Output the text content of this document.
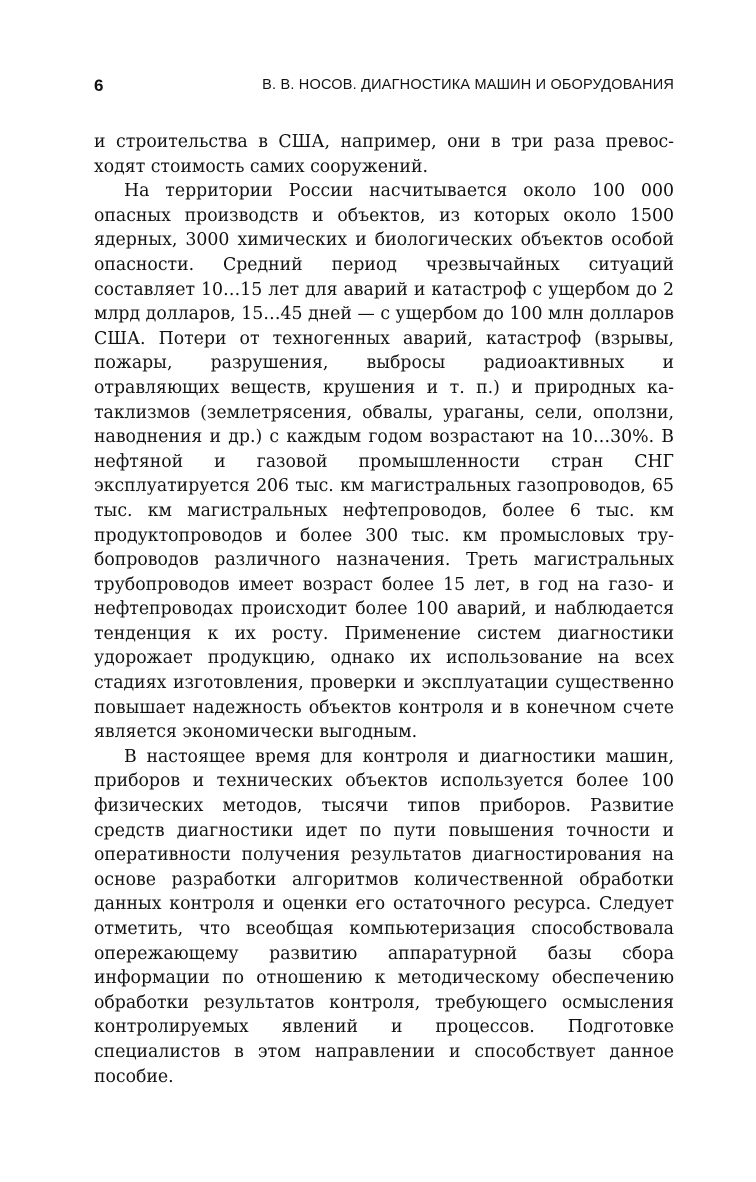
6	В. В. НОСОВ. ДИАГНОСТИКА МАШИН И ОБОРУДОВАНИЯ

и строительства в США, например, они в три раза превосходят стоимость самих сооружений.

На территории России насчитывается около 100 000 опасных производств и объектов, из которых около 1500 ядерных, 3000 химических и биологических объектов особой опасности. Средний период чрезвычайных ситуаций составляет 10…15 лет для аварий и катастроф с ущербом до 2 млрд долларов, 15…45 дней — с ущербом до 100 млн долларов США. Потери от техногенных аварий, катастроф (взрывы, пожары, разрушения, выбросы радиоактивных и отравляющих веществ, крушения и т. п.) и природных катаклизмов (землетрясения, обвалы, ураганы, сели, оползни, наводнения и др.) с каждым годом возрастают на 10…30%. В нефтяной и газовой промышленности стран СНГ эксплуатируется 206 тыс. км магистральных газопроводов, 65 тыс. км магистральных нефтепроводов, более 6 тыс. км продуктопроводов и более 300 тыс. км промысловых трубопроводов различного назначения. Треть магистральных трубопроводов имеет возраст более 15 лет, в год на газо- и нефтепроводах происходит более 100 аварий, и наблюдается тенденция к их росту. Применение систем диагностики удорожает продукцию, однако их использование на всех стадиях изготовления, проверки и эксплуатации существенно повышает надежность объектов контроля и в конечном счете является экономически выгодным.

В настоящее время для контроля и диагностики машин, приборов и технических объектов используется более 100 физических методов, тысячи типов приборов. Развитие средств диагностики идет по пути повышения точности и оперативности получения результатов диагностирования на основе разработки алгоритмов количественной обработки данных контроля и оценки его остаточного ресурса. Следует отметить, что всеобщая компьютеризация способствовала опережающему развитию аппаратурной базы сбора информации по отношению к методическому обеспечению обработки результатов контроля, требующего осмысления контролируемых явлений и процессов. Подготовке специалистов в этом направлении и способствует данное пособие.
